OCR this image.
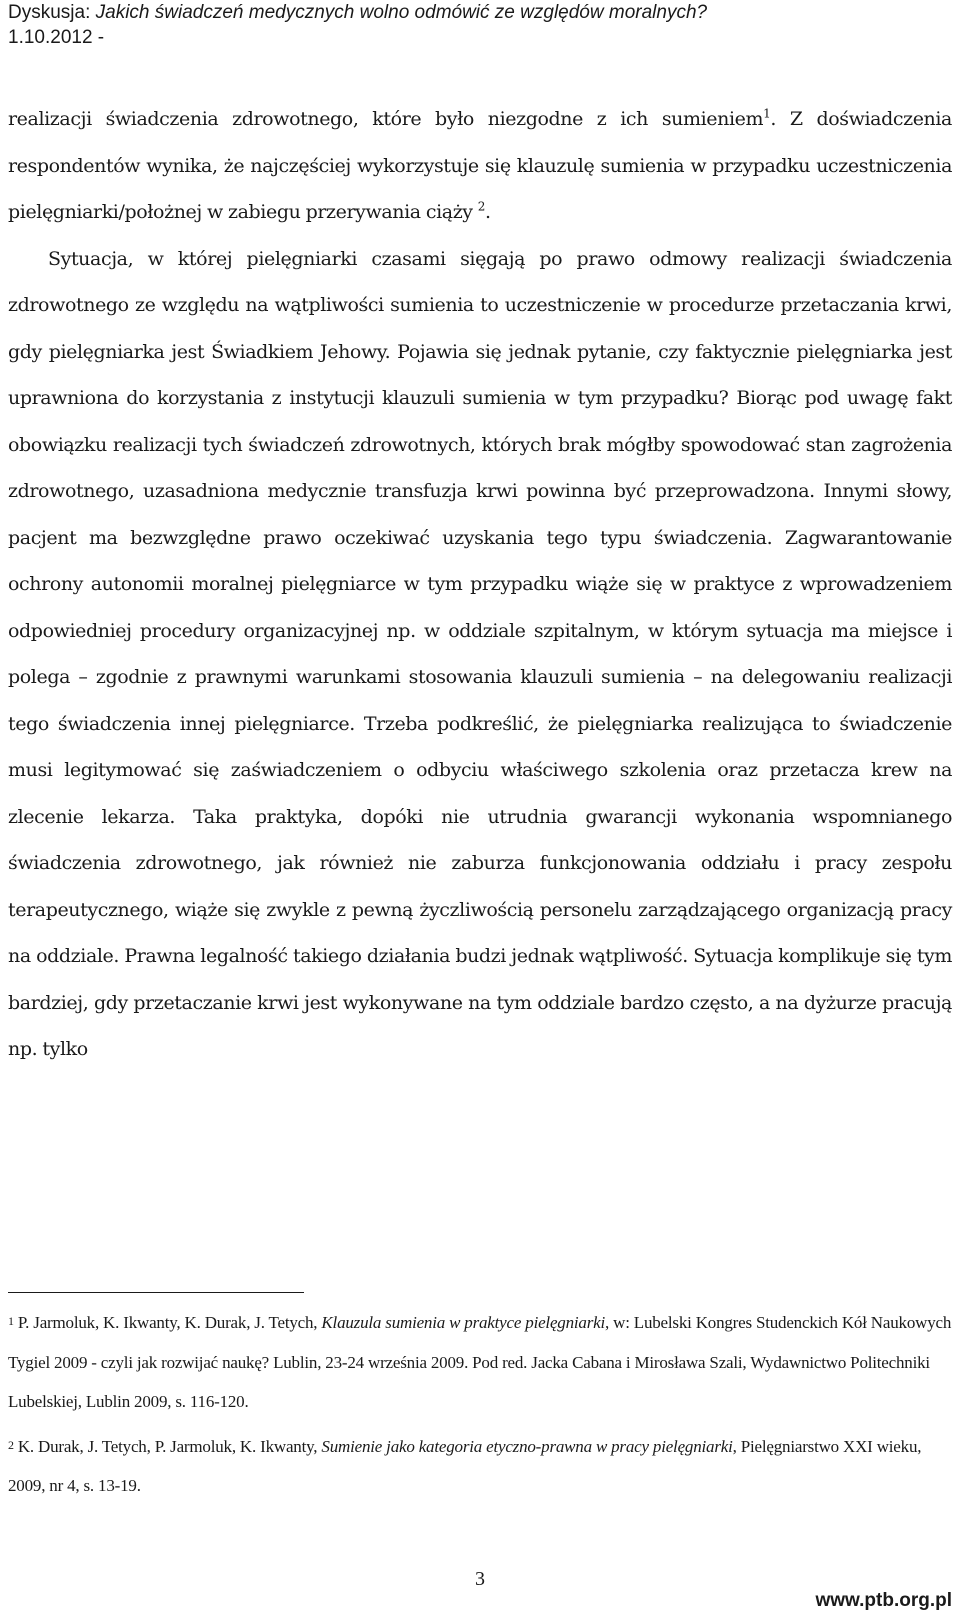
Dyskusja: Jakich świadczeń medycznych wolno odmówić ze względów moralnych?
1.10.2012 -

realizacji świadczenia zdrowotnego, które było niezgodne z ich sumieniem$^1$. Z doświadczenia respondentów wynika, że najczęściej wykorzystuje się klauzulę sumienia w przypadku uczestniczenia pielęgniarki/położnej w zabiegu przerywania ciąży $^2$.

Sytuacja, w której pielęgniarki czasami sięgają po prawo odmowy realizacji świadczenia zdrowotnego ze względu na wątpliwości sumienia to uczestniczenie w procedurze przetaczania krwi, gdy pielęgniarka jest Świadkiem Jehowy. Pojawia się jednak pytanie, czy faktycznie pielęgniarka jest uprawniona do korzystania z instytucji klauzuli sumienia w tym przypadku? Biorąc pod uwagę fakt obowiązku realizacji tych świadczeń zdrowotnych, których brak mógłby spowodować stan zagrożenia zdrowotnego, uzasadniona medycznie transfuzja krwi powinna być przeprowadzona. Innymi słowy, pacjent ma bezwzględne prawo oczekiwać uzyskania tego typu świadczenia. Zagwarantowanie ochrony autonomii moralnej pielęgniarce w tym przypadku wiąże się w praktyce z wprowadzeniem odpowiedniej procedury organizacyjnej np. w oddziale szpitalnym, w którym sytuacja ma miejsce i polega – zgodnie z prawnymi warunkami stosowania klauzuli sumienia – na delegowaniu realizacji tego świadczenia innej pielęgniarce. Trzeba podkreślić, że pielęgniarka realizująca to świadczenie musi legitymować się zaświadczeniem o odbyciu właściwego szkolenia oraz przetacza krew na zlecenie lekarza. Taka praktyka, dopóki nie utrudnia gwarancji wykonania wspomnianego świadczenia zdrowotnego, jak również nie zaburza funkcjonowania oddziału i pracy zespołu terapeutycznego, wiąże się zwykle z pewną życzliwością personelu zarządzającego organizacją pracy na oddziale. Prawna legalność takiego działania budzi jednak wątpliwość. Sytuacja komplikuje się tym bardziej, gdy przetaczanie krwi jest wykonywane na tym oddziale bardzo często, a na dyżurze pracują np. tylko

1 P. Jarmoluk, K. Ikwanty, K. Durak, J. Tetych, Klauzula sumienia w praktyce pielęgniarki, w: Lubelski Kongres Studenckich Kół Naukowych Tygiel 2009 - czyli jak rozwijać naukę? Lublin, 23-24 września 2009. Pod red. Jacka Cabana i Mirosława Szali, Wydawnictwo Politechniki Lubelskiej, Lublin 2009, s. 116-120.

2 K. Durak, J. Tetych, P. Jarmoluk, K. Ikwanty, Sumienie jako kategoria etyczno-prawna w pracy pielęgniarki, Pielęgniarstwo XXI wieku, 2009, nr 4, s. 13-19.

3
www.ptb.org.pl
